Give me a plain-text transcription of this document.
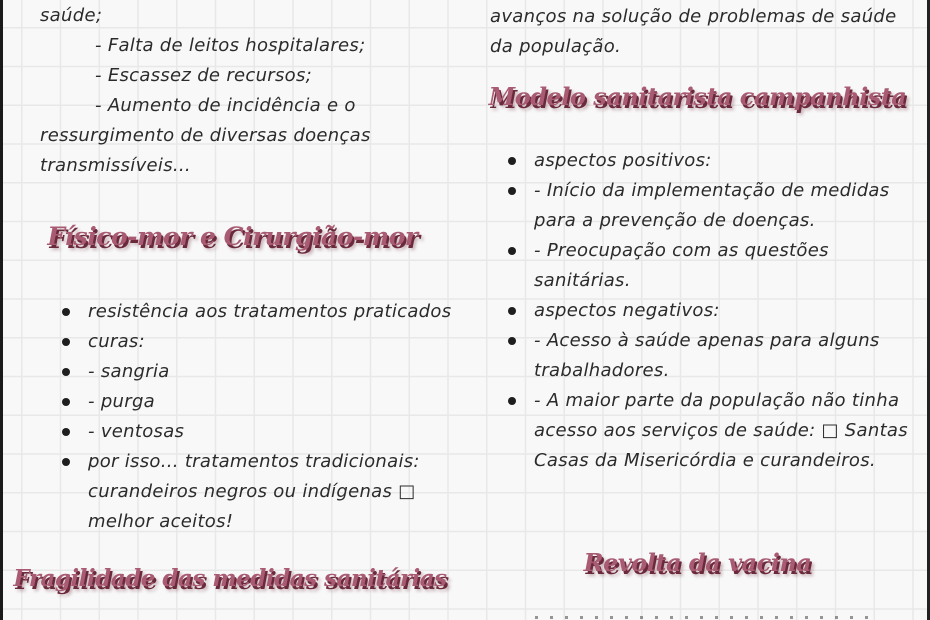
saúde;
- Falta de leitos hospitalares;
- Escassez de recursos;
- Aumento de incidência e o
ressurgimento de diversas doenças
transmissíveis...
Físico-mor e Cirurgião-mor
resistência aos tratamentos praticados
curas:
- sangria
- purga
- ventosas
por isso... tratamentos tradicionais:
curandeiros negros ou indígenas □
melhor aceitos!
Fragilidade das medidas sanitárias
avanços na solução de problemas de saúde
da população.
Modelo sanitarista campanhista
aspectos positivos:
- Início da implementação de medidas
para a prevenção de doenças.
- Preocupação com as questões
sanitárias.
aspectos negativos:
- Acesso à saúde apenas para alguns
trabalhadores.
- A maior parte da população não tinha
acesso aos serviços de saúde: □ Santas
Casas da Misericórdia e curandeiros.
Revolta da vacina
